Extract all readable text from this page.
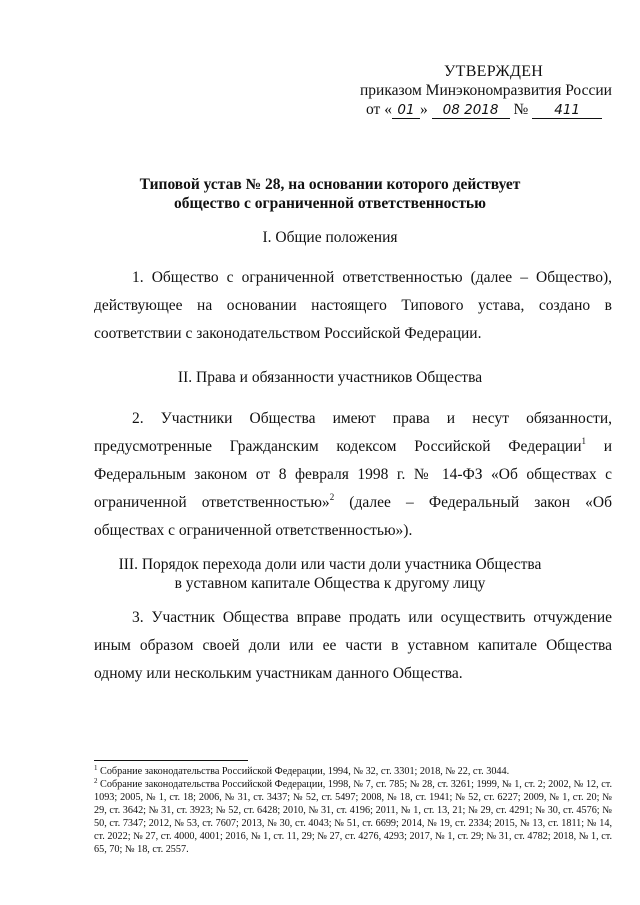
УТВЕРЖДЕН
приказом Минэкономразвития России
от « 01 » 08 2018 № 411
Типовой устав № 28, на основании которого действует
общество с ограниченной ответственностью
I. Общие положения
1. Общество с ограниченной ответственностью (далее – Общество), действующее на основании настоящего Типового устава, создано в соответствии с законодательством Российской Федерации.
II. Права и обязанности участников Общества
2. Участники Общества имеют права и несут обязанности, предусмотренные Гражданским кодексом Российской Федерации$^1$ и Федеральным законом от 8 февраля 1998 г. № 14-ФЗ «Об обществах с ограниченной ответственностью»$^2$ (далее – Федеральный закон «Об обществах с ограниченной ответственностью»).
III. Порядок перехода доли или части доли участника Общества
в уставном капитале Общества к другому лицу
3. Участник Общества вправе продать или осуществить отчуждение иным образом своей доли или ее части в уставном капитале Общества одному или нескольким участникам данного Общества.

$^1$ Собрание законодательства Российской Федерации, 1994, № 32, ст. 3301; 2018, № 22, ст. 3044.

$^2$ Собрание законодательства Российской Федерации, 1998, № 7, ст. 785; № 28, ст. 3261; 1999, № 1, ст. 2; 2002, № 12, ст. 1093; 2005, № 1, ст. 18; 2006, № 31, ст. 3437; № 52, ст. 5497; 2008, № 18, ст. 1941; № 52, ст. 6227; 2009, № 1, ст. 20; № 29, ст. 3642; № 31, ст. 3923; № 52, ст. 6428; 2010, № 31, ст. 4196; 2011, № 1, ст. 13, 21; № 29, ст. 4291; № 30, ст. 4576; № 50, ст. 7347; 2012, № 53, ст. 7607; 2013, № 30, ст. 4043; № 51, ст. 6699; 2014, № 19, ст. 2334; 2015, № 13, ст. 1811; № 14, ст. 2022; № 27, ст. 4000, 4001; 2016, № 1, ст. 11, 29; № 27, ст. 4276, 4293; 2017, № 1, ст. 29; № 31, ст. 4782; 2018, № 1, ст. 65, 70; № 18, ст. 2557.
